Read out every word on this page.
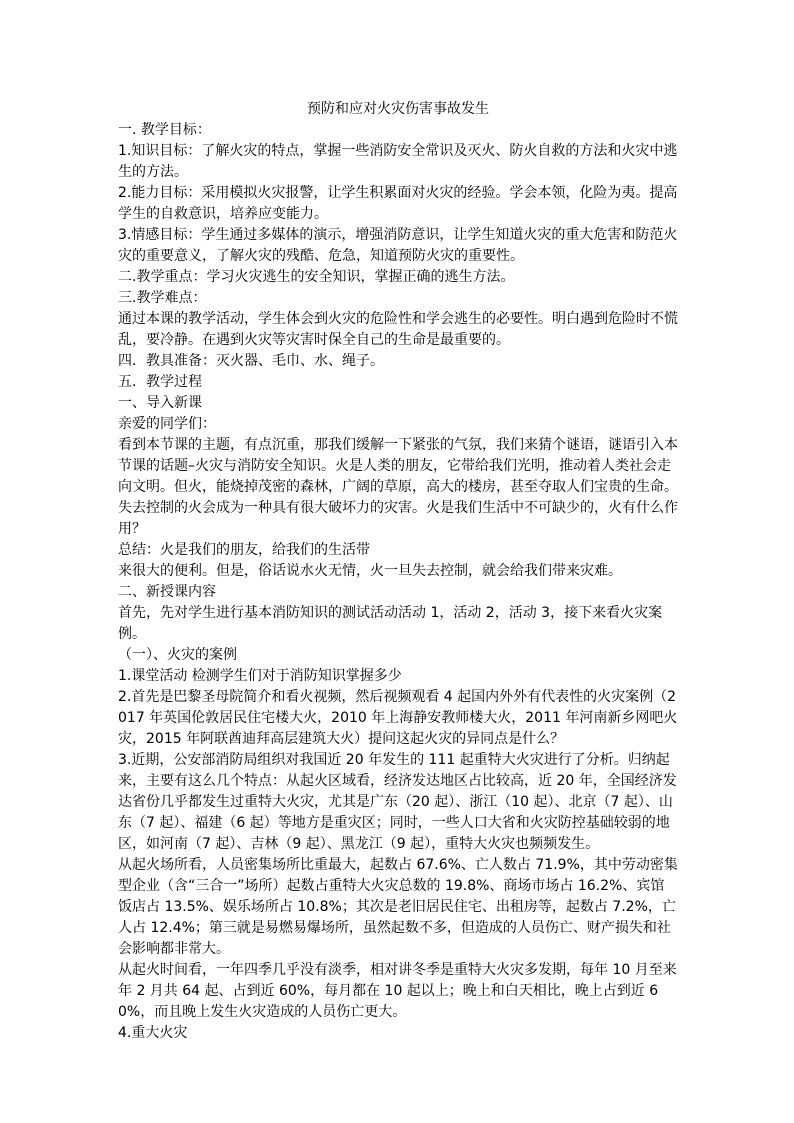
预防和应对火灾伤害事故发生

一. 教学目标：

1.知识目标：了解火灾的特点，掌握一些消防安全常识及灭火、防火自救的方法和火灾中逃生的方法。

2.能力目标：采用模拟火灾报警，让学生积累面对火灾的经验。学会本领，化险为夷。提高学生的自救意识，培养应变能力。

3.情感目标：学生通过多媒体的演示，增强消防意识，让学生知道火灾的重大危害和防范火灾的重要意义，了解火灾的残酷、危急，知道预防火灾的重要性。

二.教学重点：学习火灾逃生的安全知识，掌握正确的逃生方法。

三.教学难点：

通过本课的教学活动，学生体会到火灾的危险性和学会逃生的必要性。明白遇到危险时不慌乱，要冷静。在遇到火灾等灾害时保全自己的生命是最重要的。

四．教具准备：灭火器、毛巾、水、绳子。

五．教学过程

一、导入新课

亲爱的同学们：

看到本节课的主题，有点沉重，那我们缓解一下紧张的气氛，我们来猜个谜语，谜语引入本节课的话题–火灾与消防安全知识。火是人类的朋友，它带给我们光明，推动着人类社会走向文明。但火，能烧掉茂密的森林，广阔的草原，高大的楼房，甚至夺取人们宝贵的生命。失去控制的火会成为一种具有很大破坏力的灾害。火是我们生活中不可缺少的，火有什么作用？

总结：火是我们的朋友，给我们的生活带

来很大的便利。但是，俗话说水火无情，火一旦失去控制，就会给我们带来灾难。

二、新授课内容

首先，先对学生进行基本消防知识的测试活动活动 1，活动 2，活动 3，接下来看火灾案例。

（一）、火灾的案例

1.课堂活动 检测学生们对于消防知识掌握多少

2.首先是巴黎圣母院简介和看火视频，然后视频观看 4 起国内外外有代表性的火灾案例（2017 年英国伦敦居民住宅楼大火，2010 年上海静安教师楼大火，2011 年河南新乡网吧火灾，2015 年阿联酋迪拜高层建筑大火）提问这起火灾的异同点是什么？

3.近期，公安部消防局组织对我国近 20 年发生的 111 起重特大火灾进行了分析。归纳起来，主要有这么几个特点：从起火区域看，经济发达地区占比较高，近 20 年，全国经济发达省份几乎都发生过重特大火灾，尤其是广东（20 起）、浙江（10 起）、北京（7 起）、山东（7 起）、福建（6 起）等地方是重灾区；同时，一些人口大省和火灾防控基础较弱的地区，如河南（7 起）、吉林（9 起）、黑龙江（9 起），重特大火灾也频频发生。

从起火场所看，人员密集场所比重最大，起数占 67.6%、亡人数占 71.9%，其中劳动密集型企业（含“三合一”场所）起数占重特大火灾总数的 19.8%、商场市场占 16.2%、宾馆饭店占 13.5%、娱乐场所占 10.8%；其次是老旧居民住宅、出租房等，起数占 7.2%，亡人占 12.4%；第三就是易燃易爆场所，虽然起数不多，但造成的人员伤亡、财产损失和社会影响都非常大。

从起火时间看，一年四季几乎没有淡季，相对讲冬季是重特大火灾多发期，每年 10 月至来年 2 月共 64 起、占到近 60%，每月都在 10 起以上；晚上和白天相比，晚上占到近 60%，而且晚上发生火灾造成的人员伤亡更大。

4.重大火灾
